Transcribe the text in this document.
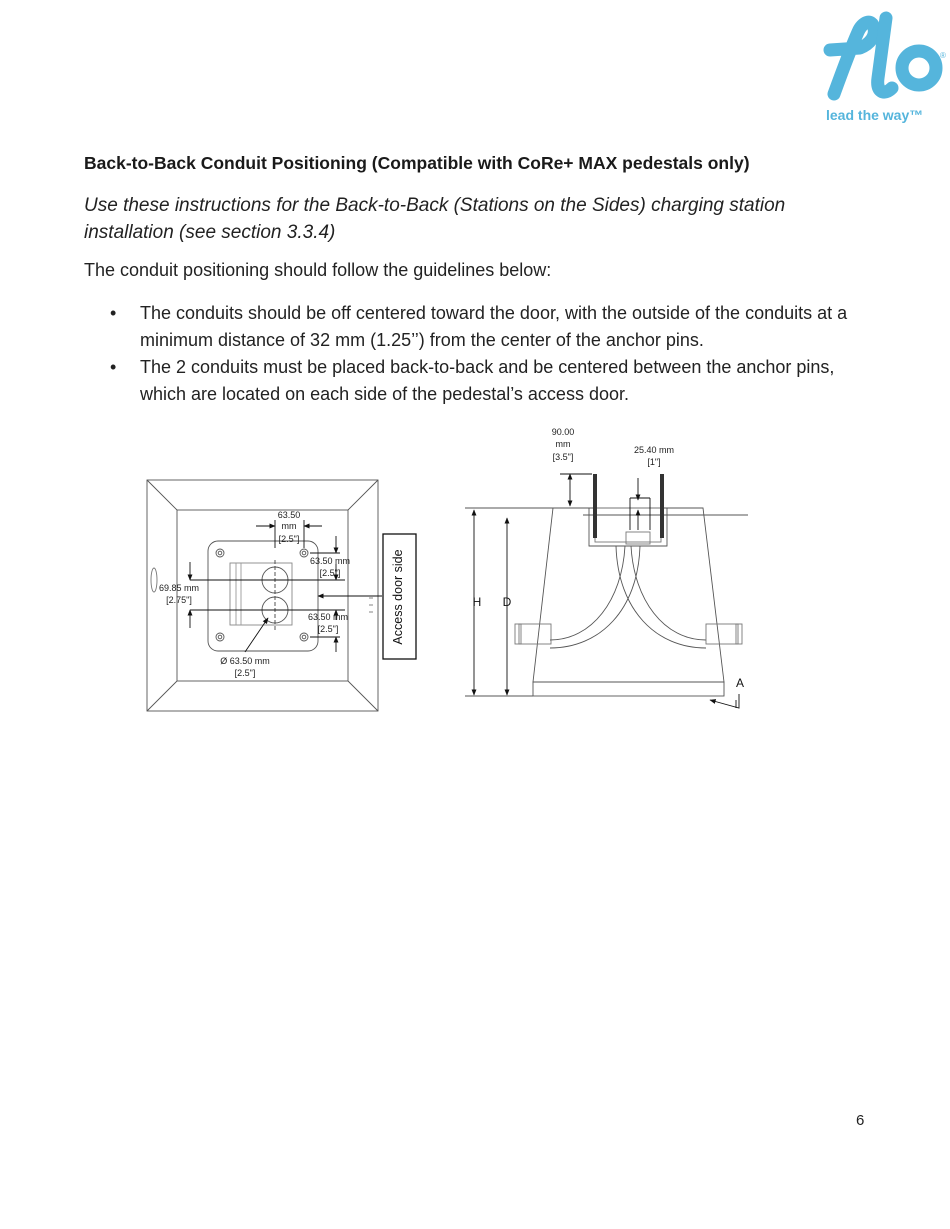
®
lead the way™
Back-to-Back Conduit Positioning (Compatible with CoRe+ MAX pedestals only)
Use these instructions for the Back-to-Back (Stations on the Sides) charging station installation (see section 3.3.4)
The conduit positioning should follow the guidelines below:
• The conduits should be off centered toward the door, with the outside of the conduits at a minimum distance of 32 mm (1.25’’) from the center of the anchor pins.
• The 2 conduits must be placed back-to-back and be centered between the anchor pins, which are located on each side of the pedestal’s access door.
63.50
mm
[2.5"]
63.50 mm
[2.5"]
69.85 mm
[2.75"]
63.50 mm
[2.5"]
Ø 63.50 mm
[2.5"]
Access door side
90.00
mm
[3.5"]
25.40 mm
[1"]
H D
A
6
